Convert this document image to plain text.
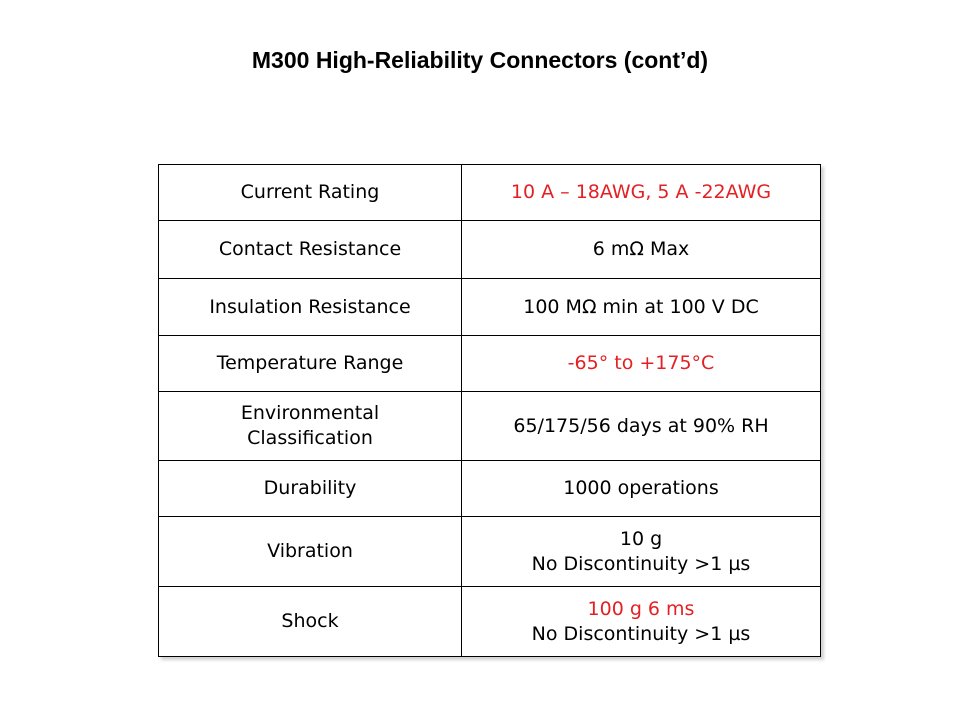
M300 High-Reliability Connectors (cont’d)
Current Rating	10 A – 18AWG, 5 A -22AWG
Contact Resistance	6 mΩ Max
Insulation Resistance	100 MΩ min at 100 V DC
Temperature Range	-65° to +175°C

Environmental
Classification	65/175/56 days at 90% RH
Durability	1000 operations
Vibration	10 g
No Discontinuity >1 µs

Shock	100 g 6 ms
No Discontinuity >1 µs
